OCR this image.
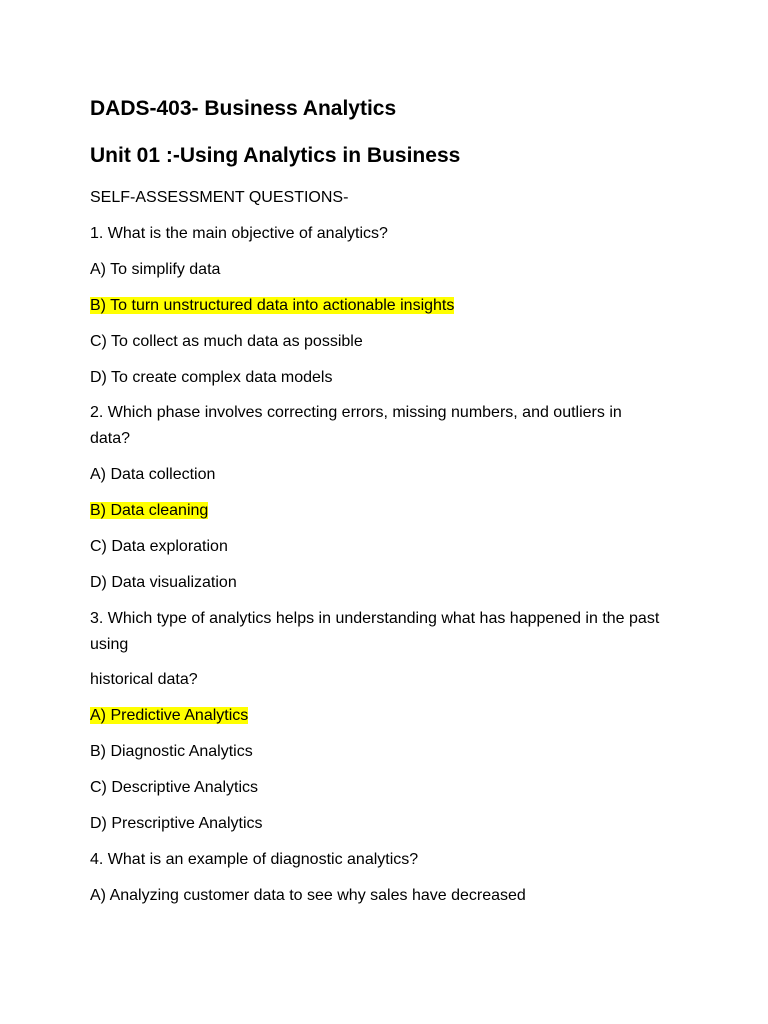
DADS-403- Business Analytics
Unit 01 :-Using Analytics in Business

SELF-ASSESSMENT QUESTIONS-

1. What is the main objective of analytics?

A) To simplify data

B) To turn unstructured data into actionable insights

C) To collect as much data as possible

D) To create complex data models

2. Which phase involves correcting errors, missing numbers, and outliers in data?

A) Data collection

B) Data cleaning

C) Data exploration

D) Data visualization

3. Which type of analytics helps in understanding what has happened in the past using

historical data?

A) Predictive Analytics

B) Diagnostic Analytics

C) Descriptive Analytics

D) Prescriptive Analytics

4. What is an example of diagnostic analytics?

A) Analyzing customer data to see why sales have decreased
